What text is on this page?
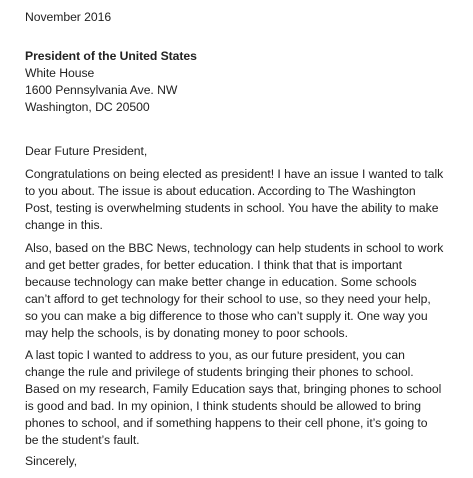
November 2016
President of the United States
White House
1600 Pennsylvania Ave. NW
Washington, DC 20500
Dear Future President,
Congratulations on being elected as president! I have an issue I wanted to talk
to you about. The issue is about education. According to The Washington
Post, testing is overwhelming students in school. You have the ability to make
change in this.
Also, based on the BBC News, technology can help students in school to work
and get better grades, for better education. I think that that is important
because technology can make better change in education. Some schools
can’t afford to get technology for their school to use, so they need your help,
so you can make a big difference to those who can’t supply it. One way you
may help the schools, is by donating money to poor schools.
A last topic I wanted to address to you, as our future president, you can
change the rule and privilege of students bringing their phones to school.
Based on my research, Family Education says that, bringing phones to school
is good and bad. In my opinion, I think students should be allowed to bring
phones to school, and if something happens to their cell phone, it’s going to
be the student’s fault.
Sincerely,
